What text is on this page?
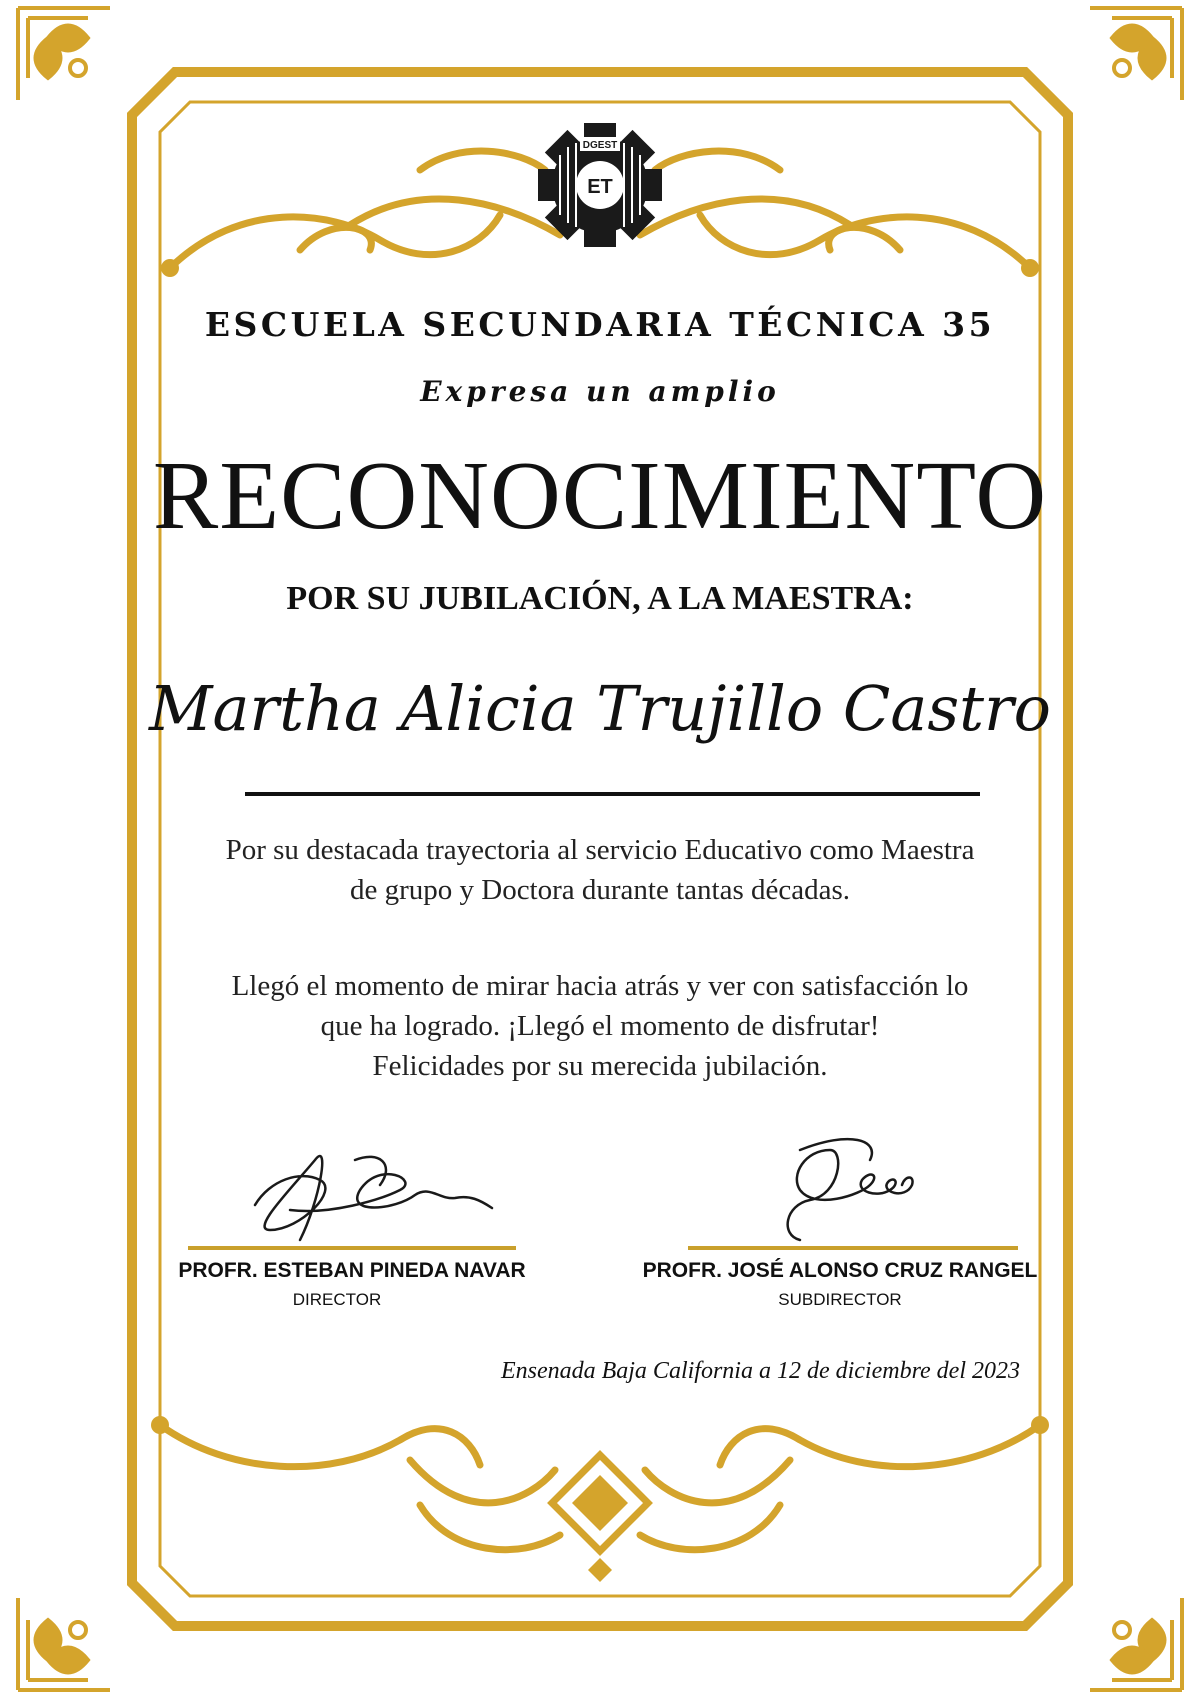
DGEST
ET
ESCUELA SECUNDARIA TÉCNICA 35
Expresa un amplio
RECONOCIMIENTO
POR SU JUBILACIÓN, A LA MAESTRA:
Martha Alicia Trujillo Castro
Por su destacada trayectoria al servicio Educativo como Maestra
de grupo y Doctora durante tantas décadas.
Llegó el momento de mirar hacia atrás y ver con satisfacción lo
que ha logrado. ¡Llegó el momento de disfrutar!
Felicidades por su merecida jubilación.
PROFR. ESTEBAN PINEDA NAVAR
DIRECTOR
PROFR. JOSÉ ALONSO CRUZ RANGEL
SUBDIRECTOR
Ensenada Baja California a 12 de diciembre del 2023
